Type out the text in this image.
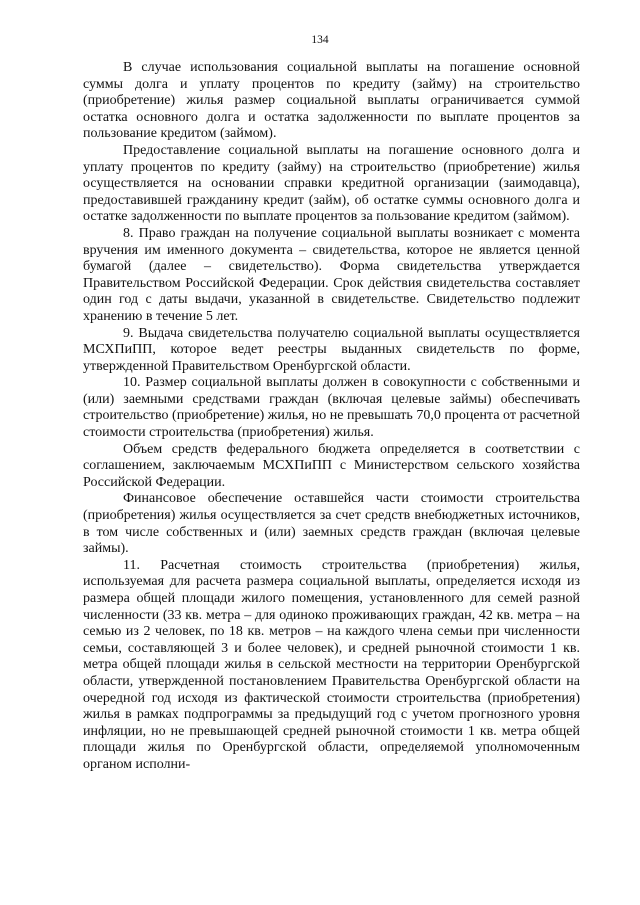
134

В случае использования социальной выплаты на погашение основной суммы долга и уплату процентов по кредиту (займу) на строительство (приобретение) жилья размер социальной выплаты ограничивается суммой остатка основного долга и остатка задолженности по выплате процентов за пользование кредитом (займом).

Предоставление социальной выплаты на погашение основного долга и уплату процентов по кредиту (займу) на строительство (приобретение) жилья осуществляется на основании справки кредитной организации (заимодавца), предоставившей гражданину кредит (займ), об остатке суммы основного долга и остатке задолженности по выплате процентов за пользование кредитом (займом).

8. Право граждан на получение социальной выплаты возникает с момента вручения им именного документа – свидетельства, которое не является ценной бумагой (далее – свидетельство). Форма свидетельства утверждается Правительством Российской Федерации. Срок действия свидетельства составляет один год с даты выдачи, указанной в свидетельстве. Свидетельство подлежит хранению в течение 5 лет.

9. Выдача свидетельства получателю социальной выплаты осуществляется МСХПиПП, которое ведет реестры выданных свидетельств по форме, утвержденной Правительством Оренбургской области.

10. Размер социальной выплаты должен в совокупности с собственными и (или) заемными средствами граждан (включая целевые займы) обеспечивать строительство (приобретение) жилья, но не превышать 70,0 процента от расчетной стоимости строительства (приобретения) жилья.

Объем средств федерального бюджета определяется в соответствии с соглашением, заключаемым МСХПиПП с Министерством сельского хозяйства Российской Федерации.

Финансовое обеспечение оставшейся части стоимости строительства (приобретения) жилья осуществляется за счет средств внебюджетных источников, в том числе собственных и (или) заемных средств граждан (включая целевые займы).

11. Расчетная стоимость строительства (приобретения) жилья, используемая для расчета размера социальной выплаты, определяется исходя из размера общей площади жилого помещения, установленного для семей разной численности (33 кв. метра – для одиноко проживающих граждан, 42 кв. метра – на семью из 2 человек, по 18 кв. метров – на каждого члена семьи при численности семьи, составляющей 3 и более человек), и средней рыночной стоимости 1 кв. метра общей площади жилья в сельской местности на территории Оренбургской области, утвержденной постановлением Правительства Оренбургской области на очередной год исходя из фактической стоимости строительства (приобретения) жилья в рамках подпрограммы за предыдущий год с учетом прогнозного уровня инфляции, но не превышающей средней рыночной стоимости 1 кв. метра общей площади жилья по Оренбургской области, определяемой уполномоченным органом исполни-
